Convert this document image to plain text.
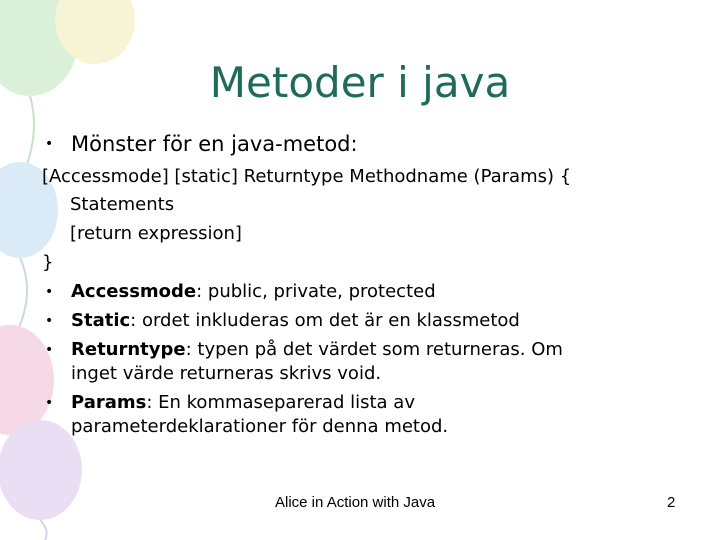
Metoder i java
• Mönster för en java-metod:
[Accessmode] [static] Returntype Methodname (Params) {
Statements
[return expression]
}
• Accessmode: public, private, protected
• Static: ordet inkluderas om det är en klassmetod
• Returntype: typen på det värdet som returneras. Om
inget värde returneras skrivs void.
• Params: En kommaseparerad lista av
parameterdeklarationer för denna metod.
Alice in Action with Java	2
